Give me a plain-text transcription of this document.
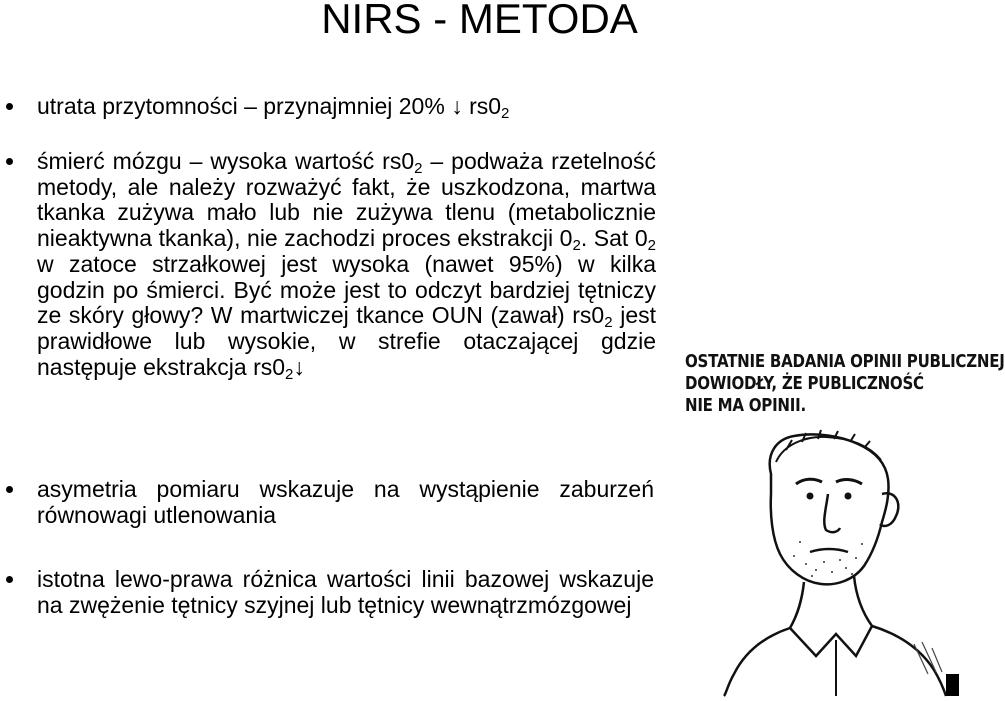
NIRS - METODA
utrata przytomności – przynajmniej 20% ↓ $rs0_2$
śmierć mózgu – wysoka wartość $rs0_2$ – podważa rzetelność metody, ale należy rozważyć fakt, że uszkodzona, martwa tkanka zużywa mało lub nie zużywa tlenu (metabolicznie nieaktywna tkanka), nie zachodzi proces ekstrakcji $0_2$. Sat $0_2$ w zatoce strzałkowej jest wysoka (nawet 95%) w kilka godzin po śmierci. Być może jest to odczyt bardziej tętniczy ze skóry głowy? W martwiczej tkance OUN (zawał) $rs0_2$ jest prawidłowe lub wysokie, w strefie otaczającej gdzie następuje ekstrakcja $rs0_2↓$
asymetria pomiaru wskazuje na wystąpienie zaburzeń równowagi utlenowania
istotna lewo-prawa różnica wartości linii bazowej wskazuje na zwężenie tętnicy szyjnej lub tętnicy wewnątrzmózgowej
OSTATNIE BADANIA OPINII PUBLICZNEJ
DOWIODŁY, ŻE PUBLICZNOŚĆ
NIE MA OPINII.
